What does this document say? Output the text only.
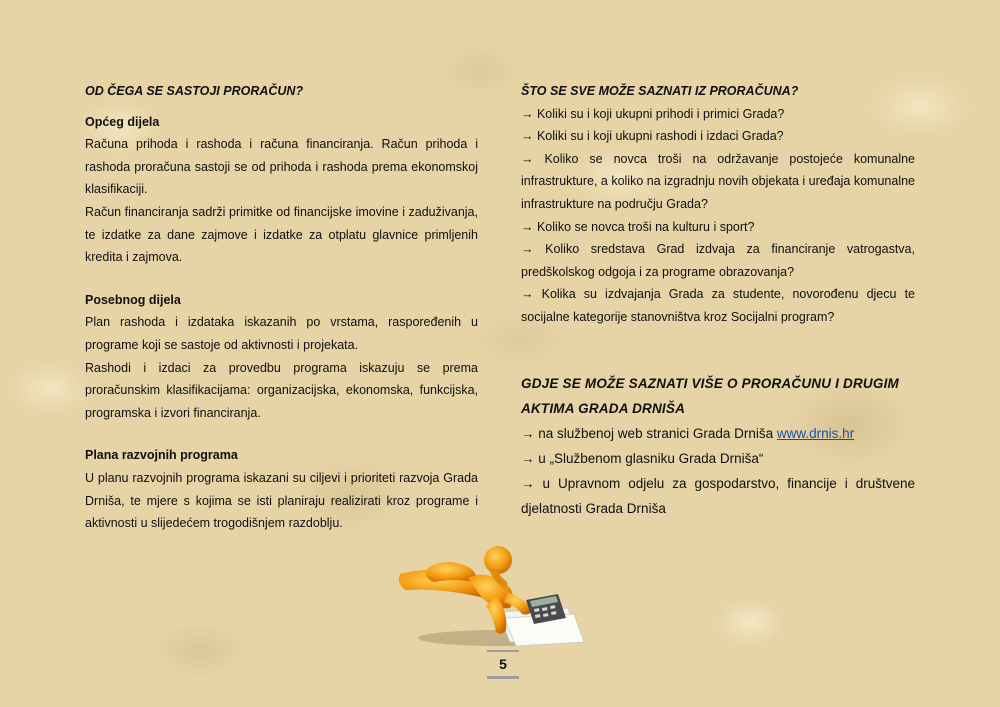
OD ČEGA SE SASTOJI PRORAČUN?

Općeg dijela

Računa prihoda i rashoda i računa financiranja. Račun prihoda i rashoda proračuna sastoji se od prihoda i rashoda prema ekonomskoj klasifikaciji.

Račun financiranja sadrži primitke od financijske imovine i zaduživanja, te izdatke za dane zajmove i izdatke za otplatu glavnice primljenih kredita i zajmova.

Posebnog dijela

Plan rashoda i izdataka iskazanih po vrstama, raspoređenih u programe koji se sastoje od aktivnosti i projekata.

Rashodi i izdaci za provedbu programa iskazuju se prema proračunskim klasifikacijama: organizacijska, ekonomska, funkcijska, programska i izvori financiranja.

Plana razvojnih programa

U planu razvojnih programa iskazani su ciljevi i prioriteti razvoja Grada Drniša, te mjere s kojima se isti planiraju realizirati kroz programe i aktivnosti u slijedećem trogodišnjem razdoblju.

ŠTO SE SVE MOŽE SAZNATI IZ PRORAČUNA?

→ Koliki su i koji ukupni prihodi i primici Grada?

→ Koliki su i koji ukupni rashodi i izdaci Grada?

→ Koliko se novca troši na održavanje postojeće komunalne infrastrukture, a koliko na izgradnju novih objekata i uređaja komunalne infrastrukture na području Grada?

→ Koliko se novca troši na kulturu i sport?

→ Koliko sredstava Grad izdvaja za financiranje vatrogastva, predškolskog odgoja i za programe obrazovanja?

→ Kolika su izdvajanja Grada za studente, novorođenu djecu te socijalne kategorije stanovništva kroz Socijalni program?

GDJE SE MOŽE SAZNATI VIŠE O PRORAČUNU I DRUGIM AKTIMA GRADA DRNIŠA

→ na službenoj web stranici Grada Drniša www.drnis.hr

→ u „Službenom glasniku Grada Drniša“

→ u Upravnom odjelu za gospodarstvo, financije i društvene djelatnosti Grada Drniša

5
